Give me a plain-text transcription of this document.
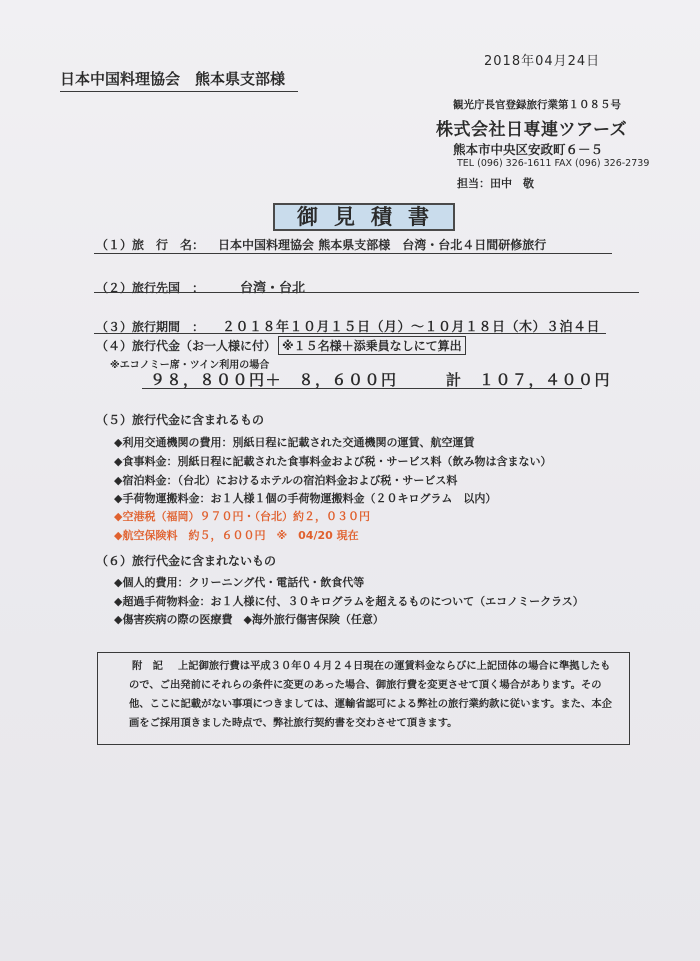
2018年04月24日
日本中国料理協会　熊本県支部様
観光庁長官登録旅行業第１０８５号
株式会社日専連ツアーズ
熊本市中央区安政町６－５
TEL (096) 326-1611 FAX (096) 326-2739
担当：田中　敬
御見積書
（１）旅　行　名： 日本中国料理協会 熊本県支部様　台湾・台北４日間研修旅行
（２）旅行先国　：	台湾・台北
（３）旅行期間　： ２０１８年１０月１５日（月）～１０月１８日（木）３泊４日
（４）旅行代金（お一人様に付） ※１５名様＋添乗員なしにて算出
※エコノミー席・ツイン利用の場合
９８，８００円＋　８，６００円	計　１０７，４００円
（５）旅行代金に含まれるもの
◆利用交通機関の費用：別紙日程に記載された交通機関の運賃、航空運賃
◆食事料金：別紙日程に記載された食事料金および税・サービス料（飲み物は含まない）
◆宿泊料金：（台北）におけるホテルの宿泊料金および税・サービス料
◆手荷物運搬料金：お１人様１個の手荷物運搬料金（２０キログラム　以内）
◆空港税（福岡）９７０円・（台北）約２，０３０円
◆航空保険料　約５，６００円　※　04/20 現在
（６）旅行代金に含まれないもの
◆個人的費用：クリーニング代・電話代・飲食代等
◆超過手荷物料金：お１人様に付、３０キログラムを超えるものについて（エコノミークラス）
◆傷害疾病の際の医療費　◆海外旅行傷害保険（任意）
附　記	上記御旅行費は平成３０年０４月２４日現在の運賃料金ならびに上記団体の場合に準拠したもので、ご出発前にそれらの条件に変更のあった場合、御旅行費を変更させて頂く場合があります。その他、ここに記載がない事項につきましては、運輸省認可による弊社の旅行業約款に従います。また、本企画をご採用頂きました時点で、弊社旅行契約書を交わさせて頂きます。
